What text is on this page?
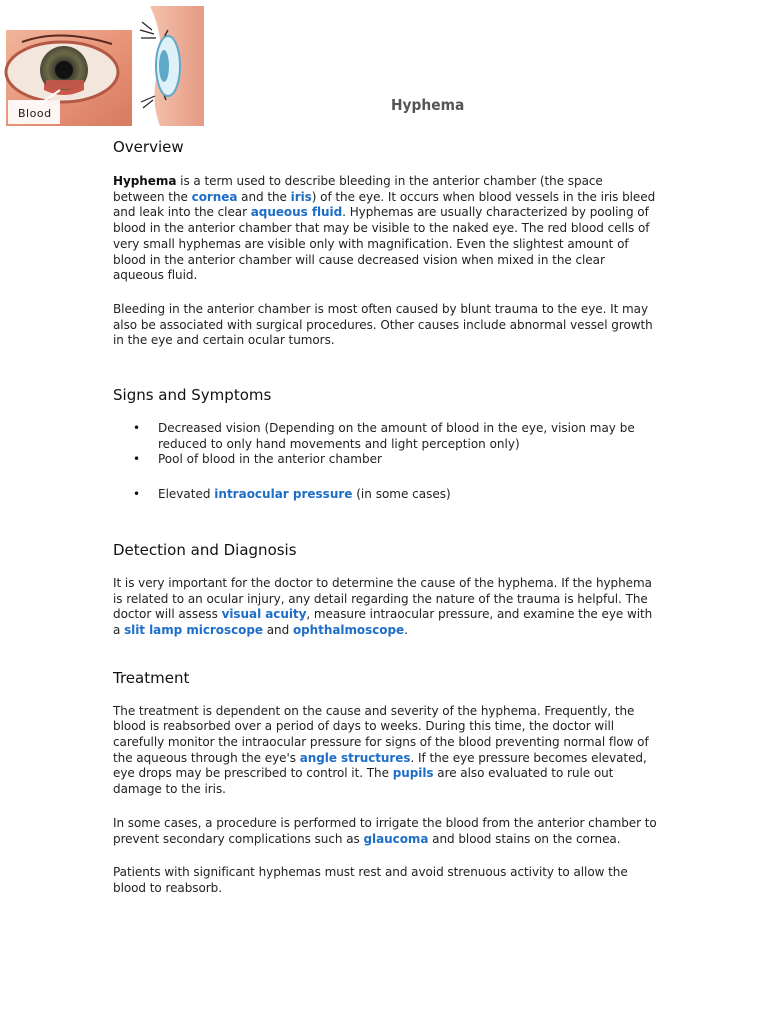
Blood	Hyphema
Overview

Hyphema is a term used to describe bleeding in the anterior chamber (the space between the cornea and the iris) of the eye. It occurs when blood vessels in the iris bleed and leak into the clear aqueous fluid. Hyphemas are usually characterized by pooling of blood in the anterior chamber that may be visible to the naked eye. The red blood cells of very small hyphemas are visible only with magnification. Even the slightest amount of blood in the anterior chamber will cause decreased vision when mixed in the clear aqueous fluid.

Bleeding in the anterior chamber is most often caused by blunt trauma to the eye. It may also be associated with surgical procedures. Other causes include abnormal vessel growth in the eye and certain ocular tumors.

Signs and Symptoms
• Decreased vision (Depending on the amount of blood in the eye, vision may be reduced to only hand movements and light perception only)
• Pool of blood in the anterior chamber
• Elevated intraocular pressure (in some cases)
Detection and Diagnosis

It is very important for the doctor to determine the cause of the hyphema. If the hyphema is related to an ocular injury, any detail regarding the nature of the trauma is helpful. The doctor will assess visual acuity, measure intraocular pressure, and examine the eye with a slit lamp microscope and ophthalmoscope.

Treatment

The treatment is dependent on the cause and severity of the hyphema. Frequently, the blood is reabsorbed over a period of days to weeks. During this time, the doctor will carefully monitor the intraocular pressure for signs of the blood preventing normal flow of the aqueous through the eye's angle structures. If the eye pressure becomes elevated, eye drops may be prescribed to control it. The pupils are also evaluated to rule out damage to the iris.

In some cases, a procedure is performed to irrigate the blood from the anterior chamber to prevent secondary complications such as glaucoma and blood stains on the cornea.

Patients with significant hyphemas must rest and avoid strenuous activity to allow the blood to reabsorb.
